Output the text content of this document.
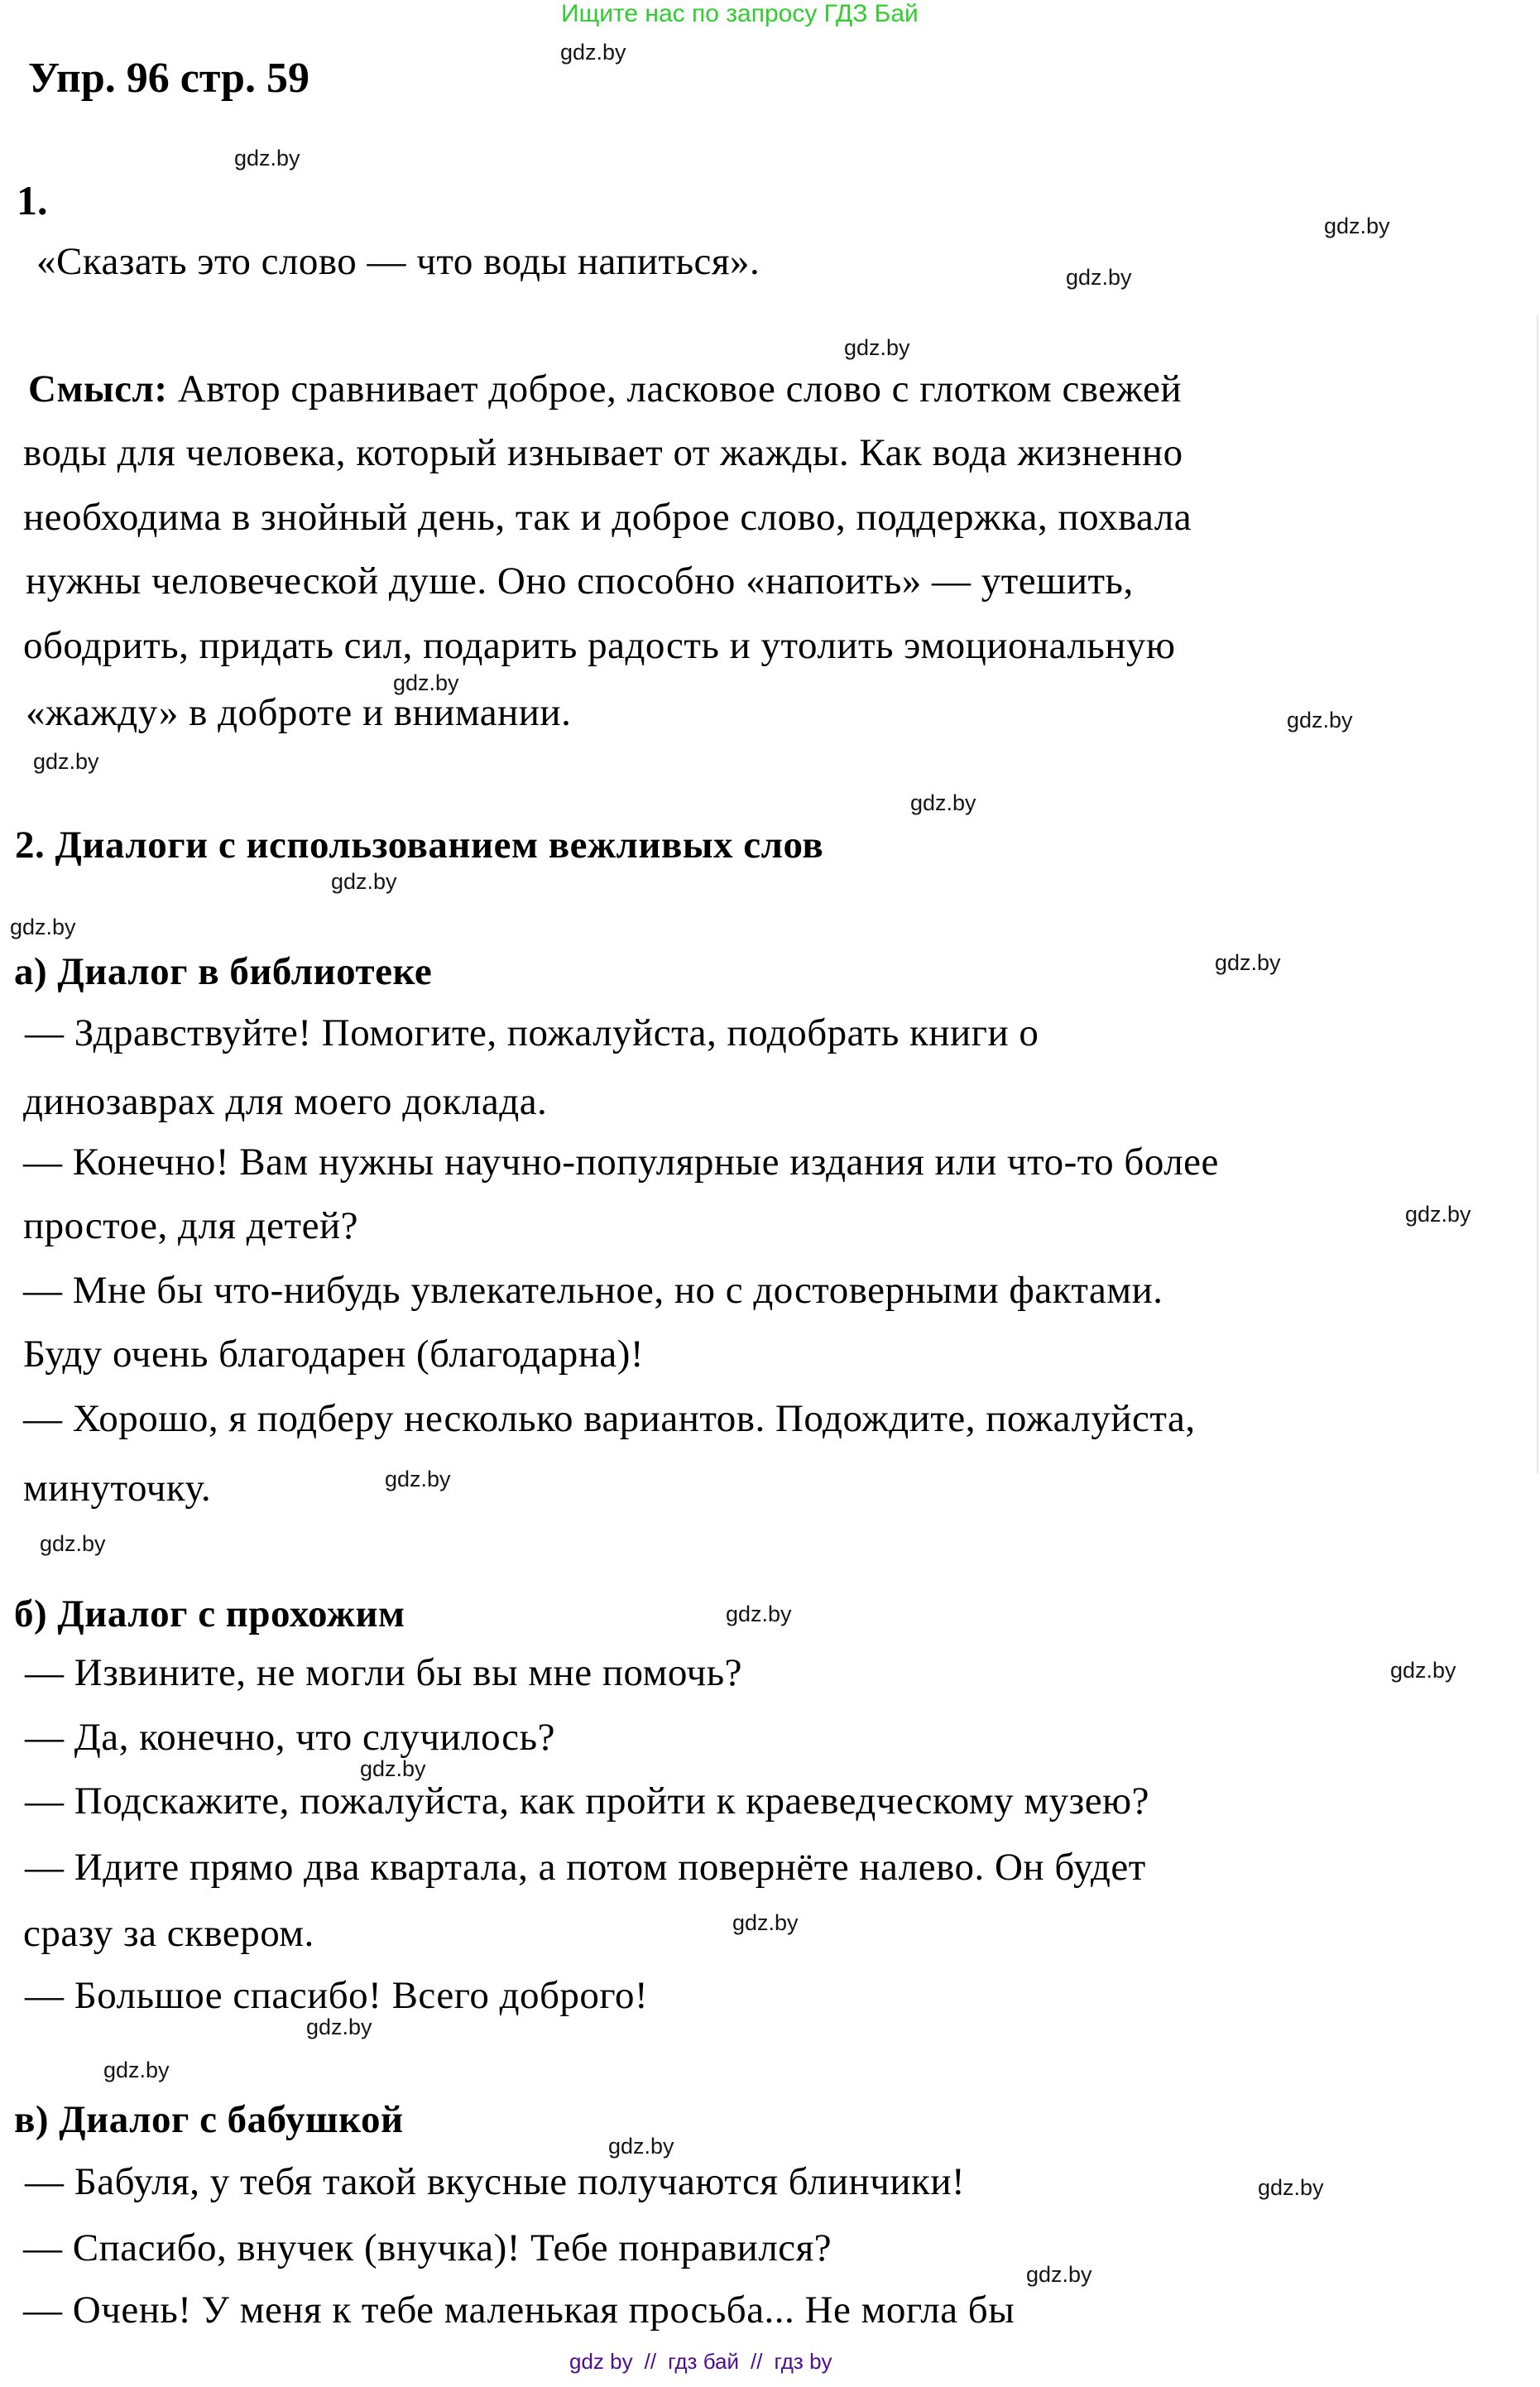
Ищите нас по запросу ГДЗ Бай
gdz.by
Упр. 96 стр. 59
gdz.by
1.
gdz.by
«Сказать это слово — что воды напиться».	gdz.by
gdz.by
Смысл: Автор сравнивает доброе, ласковое слово с глотком свежей
воды для человека, который изнывает от жажды. Как вода жизненно
необходима в знойный день, так и доброе слово, поддержка, похвала
нужны человеческой душе. Оно способно «напоить» — утешить,
ободрить, придать сил, подарить радость и утолить эмоциональную
«жажду» в доброте и внимании.
gdz.by
gdz.by
gdz.by
gdz.by
2. Диалоги с использованием вежливых слов
gdz.by
gdz.by
а) Диалог в библиотеке	gdz.by
— Здравствуйте! Помогите, пожалуйста, подобрать книги о
динозаврах для моего доклада.
— Конечно! Вам нужны научно-популярные издания или что-то более
простое, для детей?
— Мне бы что-нибудь увлекательное, но с достоверными фактами.
Буду очень благодарен (благодарна)!
— Хорошо, я подберу несколько вариантов. Подождите, пожалуйста,
минуточку.
gdz.by
gdz.by
gdz.by
б) Диалог с прохожим	gdz.by
— Извините, не могли бы вы мне помочь?
— Да, конечно, что случилось?
— Подскажите, пожалуйста, как пройти к краеведческому музею?
— Идите прямо два квартала, а потом повернёте налево. Он будет
сразу за сквером.
— Большое спасибо! Всего доброго!
gdz.by
gdz.by
gdz.by
gdz.by
gdz.by
в) Диалог с бабушкой
gdz.by
— Бабуля, у тебя такой вкусные получаются блинчики!
— Спасибо, внучек (внучка)! Тебе понравился?
— Очень! У меня к тебе маленькая просьба... Не могла бы
gdz.by
gdz.by
gdz by // гдз бай // гдз by
